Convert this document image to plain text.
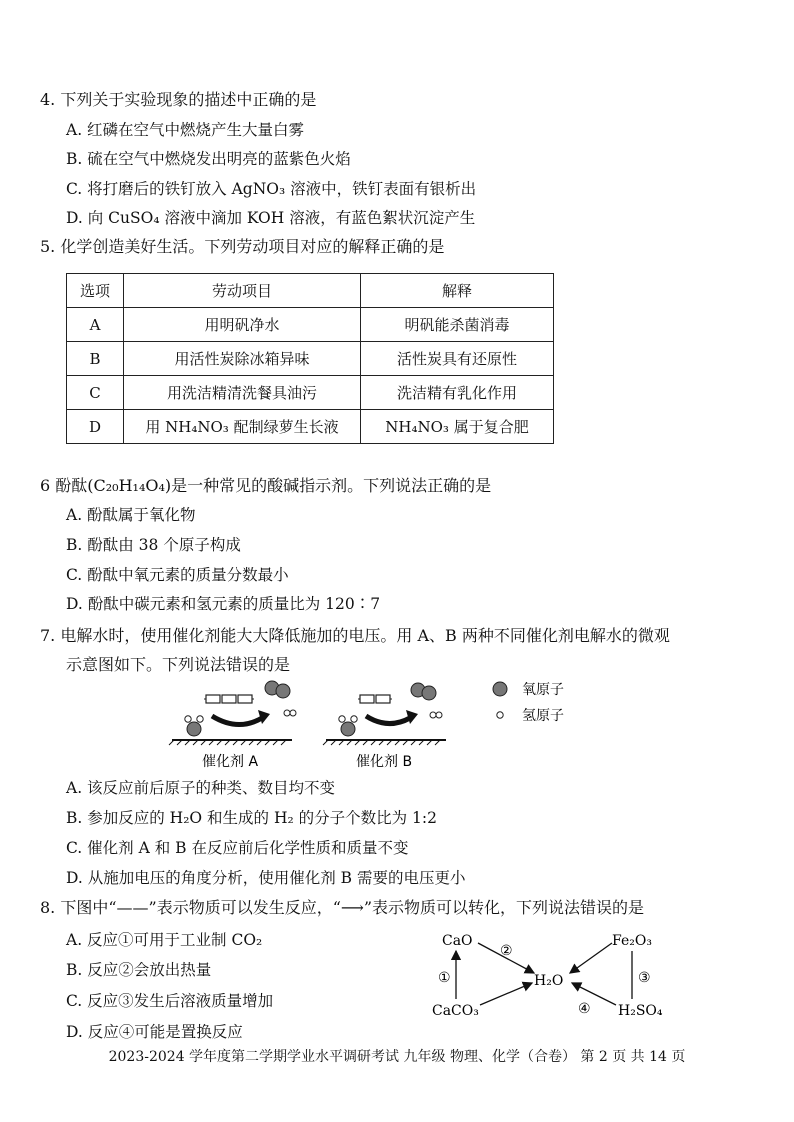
4. 下列关于实验现象的描述中正确的是
A. 红磷在空气中燃烧产生大量白雾
B. 硫在空气中燃烧发出明亮的蓝紫色火焰
C. 将打磨后的铁钉放入 AgNO₃ 溶液中，铁钉表面有银析出
D. 向 CuSO₄ 溶液中滴加 KOH 溶液，有蓝色絮状沉淀产生
5. 化学创造美好生活。下列劳动项目对应的解释正确的是
选项	劳动项目	解释
A	用明矾净水	明矾能杀菌消毒
B	用活性炭除冰箱异味	活性炭具有还原性
C	用洗洁精清洗餐具油污	洗洁精有乳化作用
D	用 NH₄NO₃ 配制绿萝生长液	NH₄NO₃ 属于复合肥
6 酚酞(C₂₀H₁₄O₄)是一种常见的酸碱指示剂。下列说法正确的是
A. 酚酞属于氧化物
B. 酚酞由 38 个原子构成
C. 酚酞中氧元素的质量分数最小
D. 酚酞中碳元素和氢元素的质量比为 120∶7
7. 电解水时，使用催化剂能大大降低施加的电压。用 A、B 两种不同催化剂电解水的微观
示意图如下。下列说法错误的是
氧原子
氢原子
催化剂 A	催化剂 B
A. 该反应前后原子的种类、数目均不变
B. 参加反应的 H₂O 和生成的 H₂ 的分子个数比为 1:2
C. 催化剂 A 和 B 在反应前后化学性质和质量不变
D. 从施加电压的角度分析，使用催化剂 B 需要的电压更小
8. 下图中“——”表示物质可以发生反应，“⟶”表示物质可以转化，下列说法错误的是
A. 反应①可用于工业制 CO₂
B. 反应②会放出热量
C. 反应③发生后溶液质量增加
D. 反应④可能是置换反应
CaO	Fe₂O₃
H₂O
CaCO₃	H₂SO₄
②
①	③
④
2023-2024 学年度第二学期学业水平调研考试 九年级 物理、化学（合卷） 第 2 页 共 14 页
